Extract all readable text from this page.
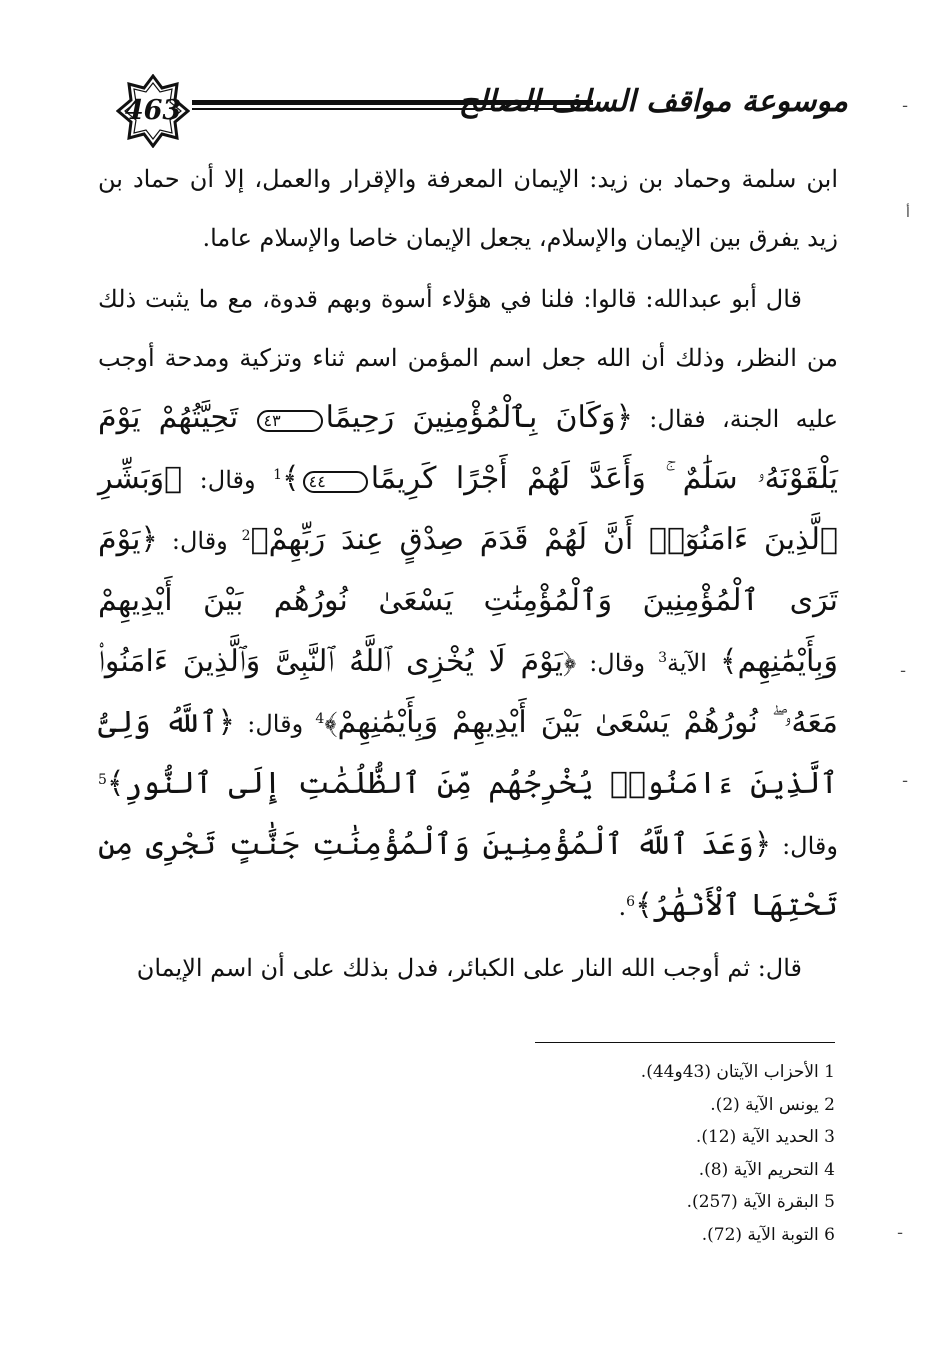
463	موسوعة مواقف السلف الصالح

ابن سلمة وحماد بن زيد: الإيمان المعرفة والإقرار والعمل، إلا أن حماد بن زيد يفرق بين الإيمان والإسلام، يجعل الإيمان خاصا والإسلام عاما.

قال أبو عبدالله: قالوا: فلنا في هؤلاء أسوة وبهم قدوة، مع ما يثبت ذلك من النظر، وذلك أن الله جعل اسم المؤمن اسم ثناء وتزكية ومدحة أوجب عليه الجنة، فقال: ﴿وَكَانَ بِٱلْمُؤْمِنِينَ رَحِيمًا٤٣ تَحِيَّتُهُمْ يَوْمَ يَلْقَوْنَهُۥ سَلَٰمٌ ۚ وَأَعَدَّ لَهُمْ أَجْرًا كَرِيمًا٤٤﴾$^1$ وقال: ﴿وَبَشِّرِ ٱلَّذِينَ ءَامَنُوٓا۟ أَنَّ لَهُمْ قَدَمَ صِدْقٍ عِندَ رَبِّهِمْ﴾$^2$ وقال: ﴿يَوْمَ تَرَى ٱلْمُؤْمِنِينَ وَٱلْمُؤْمِنَٰتِ يَسْعَىٰ نُورُهُم بَيْنَ أَيْدِيهِمْ وَبِأَيْمَٰنِهِم﴾ الآية$^3$ وقال: ﴿يَوْمَ لَا يُخْزِى ٱللَّهُ ٱلنَّبِىَّ وَٱلَّذِينَ ءَامَنُوا۟ مَعَهُۥ ۖ نُورُهُمْ يَسْعَىٰ بَيْنَ أَيْدِيهِمْ وَبِأَيْمَٰنِهِمْ﴾$^4$ وقال: ﴿ٱللَّهُ وَلِىُّ ٱلَّذِينَ ءَامَنُوا۟ يُخْرِجُهُم مِّنَ ٱلظُّلُمَٰتِ إِلَى ٱلنُّورِ﴾$^5$ وقال: ﴿وَعَدَ ٱللَّهُ ٱلْمُؤْمِنِينَ وَٱلْمُؤْمِنَٰتِ جَنَّٰتٍ تَجْرِى مِن تَحْتِهَا ٱلْأَنْهَٰرُ﴾$^6$.

قال: ثم أوجب الله النار على الكبائر، فدل بذلك على أن اسم الإيمان

1 الأحزاب الآيتان (43و44).

2 يونس الآية (2).

3 الحديد الآية (12).

4 التحريم الآية (8).

5 البقرة الآية (257).

6 التوبة الآية (72).

ـ
أ
ـ
ـ
ـ
